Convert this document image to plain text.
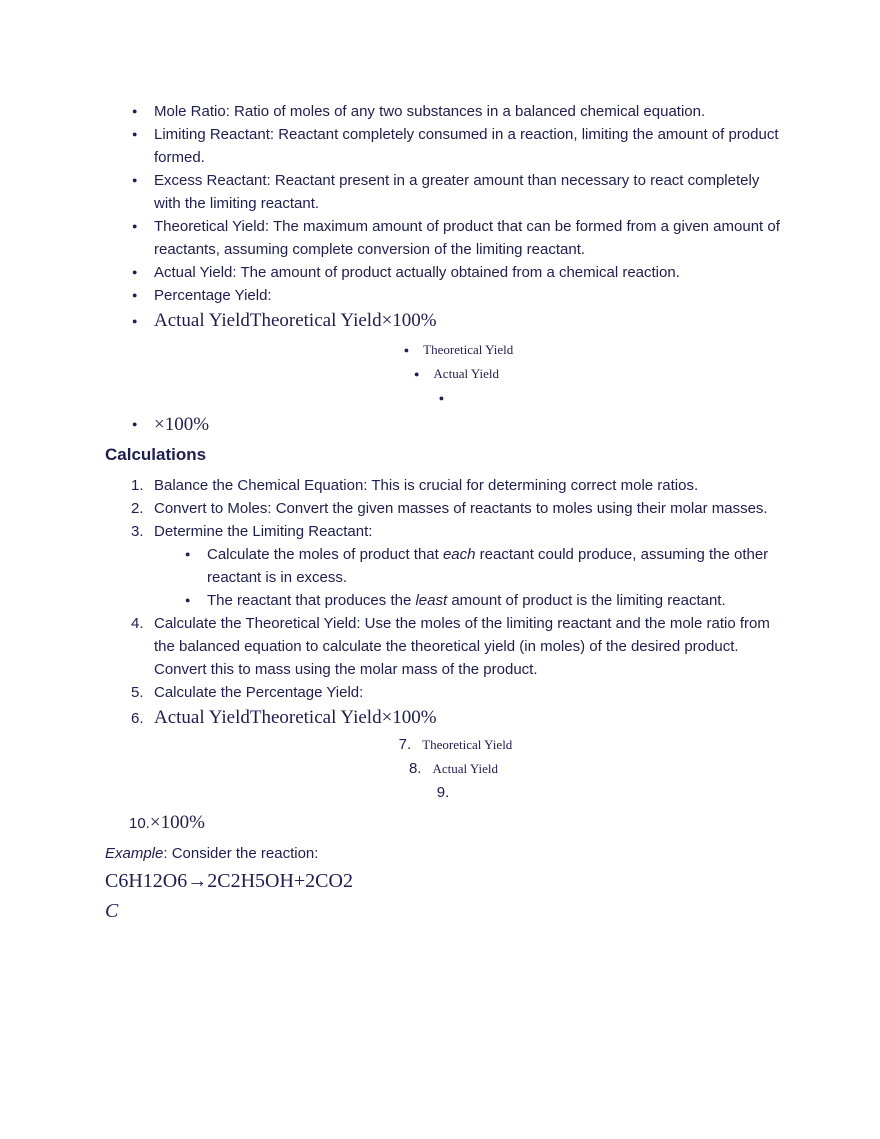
● Mole Ratio: Ratio of moles of any two substances in a balanced chemical equation.
● Limiting Reactant: Reactant completely consumed in a reaction, limiting the amount of product formed.
● Excess Reactant: Reactant present in a greater amount than necessary to react completely with the limiting reactant.
● Theoretical Yield: The maximum amount of product that can be formed from a given amount of reactants, assuming complete conversion of the limiting reactant.
● Actual Yield: The amount of product actually obtained from a chemical reaction.
● Percentage Yield:
● Actual YieldTheoretical Yield×100%
● Theoretical Yield
● Actual Yield
●
● ×100%
Calculations
1. Balance the Chemical Equation: This is crucial for determining correct mole ratios.
2. Convert to Moles: Convert the given masses of reactants to moles using their molar masses.
3. Determine the Limiting Reactant:
● Calculate the moles of product that each reactant could produce, assuming the other reactant is in excess.
● The reactant that produces the least amount of product is the limiting reactant.
4. Calculate the Theoretical Yield: Use the moles of the limiting reactant and the mole ratio from the balanced equation to calculate the theoretical yield (in moles) of the desired product. Convert this to mass using the molar mass of the product.
5. Calculate the Percentage Yield:
6. Actual YieldTheoretical Yield×100%
7. Theoretical Yield
8. Actual Yield
9.
10.×100%

Example: Consider the reaction:

C6H12O6→2C2H5OH+2CO2

C
